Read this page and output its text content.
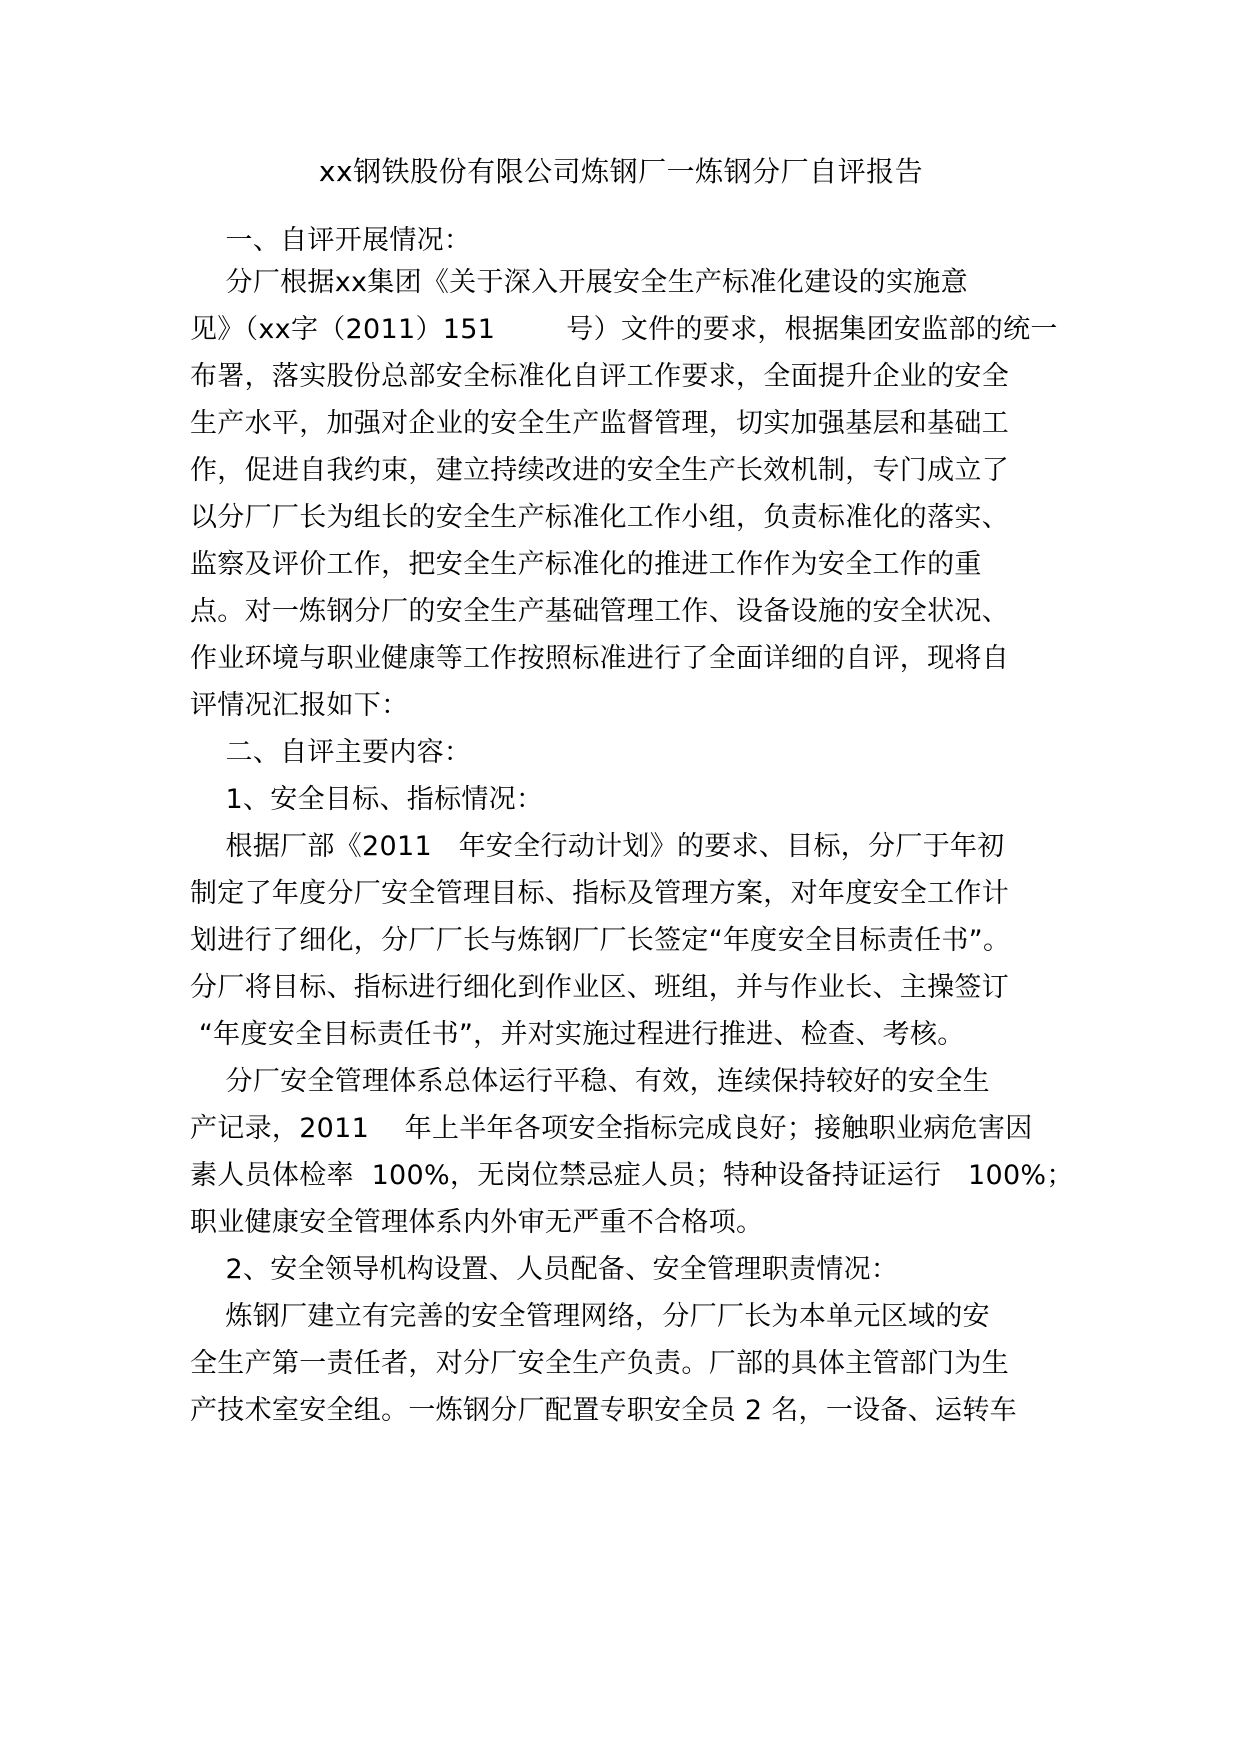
xx钢铁股份有限公司炼钢厂一炼钢分厂自评报告
一、自评开展情况：
分厂根据xx集团《关于深入开展安全生产标准化建设的实施意
见》（xx字（2011）151        号）文件的要求，根据集团安监部的统一
布署，落实股份总部安全标准化自评工作要求，全面提升企业的安全
生产水平，加强对企业的安全生产监督管理，切实加强基层和基础工
作，促进自我约束，建立持续改进的安全生产长效机制，专门成立了
以分厂厂长为组长的安全生产标准化工作小组，负责标准化的落实、
监察及评价工作，把安全生产标准化的推进工作作为安全工作的重
点。对一炼钢分厂的安全生产基础管理工作、设备设施的安全状况、
作业环境与职业健康等工作按照标准进行了全面详细的自评，现将自
评情况汇报如下：
二、自评主要内容：
1、安全目标、指标情况：
根据厂部《2011   年安全行动计划》的要求、目标，分厂于年初
制定了年度分厂安全管理目标、指标及管理方案，对年度安全工作计
划进行了细化，分厂厂长与炼钢厂厂长签定“年度安全目标责任书”。
分厂将目标、指标进行细化到作业区、班组，并与作业长、主操签订
“年度安全目标责任书”，并对实施过程进行推进、检查、考核。
分厂安全管理体系总体运行平稳、有效，连续保持较好的安全生
产记录，2011    年上半年各项安全指标完成良好；接触职业病危害因
素人员体检率  100%，无岗位禁忌症人员；特种设备持证运行   100%；
职业健康安全管理体系内外审无严重不合格项。
2、安全领导机构设置、人员配备、安全管理职责情况：
炼钢厂建立有完善的安全管理网络，分厂厂长为本单元区域的安
全生产第一责任者，对分厂安全生产负责。厂部的具体主管部门为生
产技术室安全组。一炼钢分厂配置专职安全员 2 名，一设备、运转车
